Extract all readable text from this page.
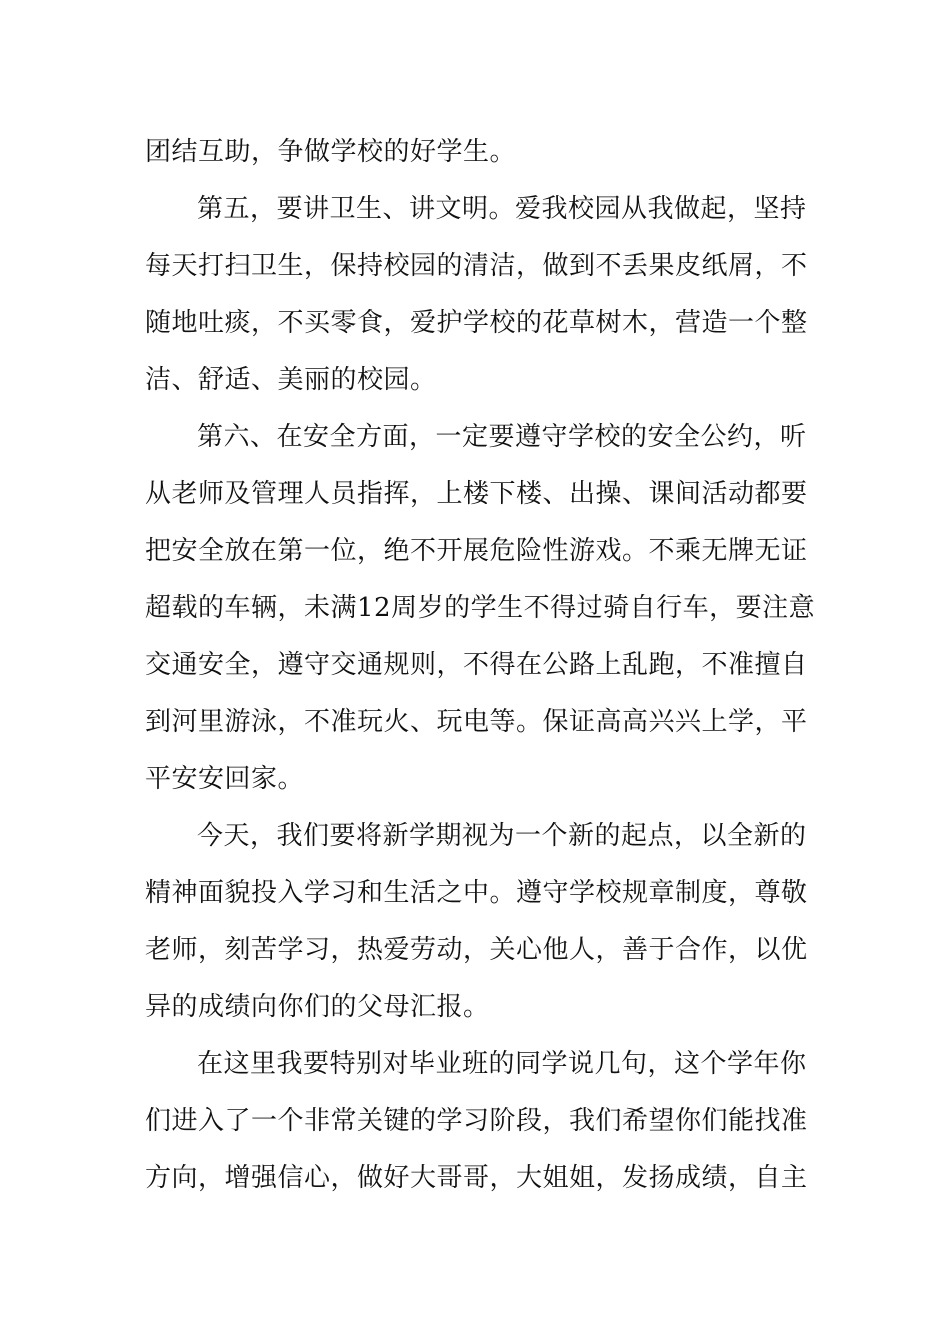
团结互助，争做学校的好学生。
第五，要讲卫生、讲文明。爱我校园从我做起，坚持
每天打扫卫生，保持校园的清洁，做到不丢果皮纸屑，不
随地吐痰，不买零食，爱护学校的花草树木，营造一个整
洁、舒适、美丽的校园。
第六、在安全方面，一定要遵守学校的安全公约，听
从老师及管理人员指挥，上楼下楼、出操、课间活动都要
把安全放在第一位，绝不开展危险性游戏。不乘无牌无证
超载的车辆，未满12周岁的学生不得过骑自行车，要注意
交通安全，遵守交通规则，不得在公路上乱跑，不准擅自
到河里游泳，不准玩火、玩电等。保证高高兴兴上学，平
平安安回家。
今天，我们要将新学期视为一个新的起点，以全新的
精神面貌投入学习和生活之中。遵守学校规章制度，尊敬
老师，刻苦学习，热爱劳动，关心他人，善于合作，以优
异的成绩向你们的父母汇报。
在这里我要特别对毕业班的同学说几句，这个学年你
们进入了一个非常关键的学习阶段，我们希望你们能找准
方向，增强信心，做好大哥哥，大姐姐，发扬成绩，自主
